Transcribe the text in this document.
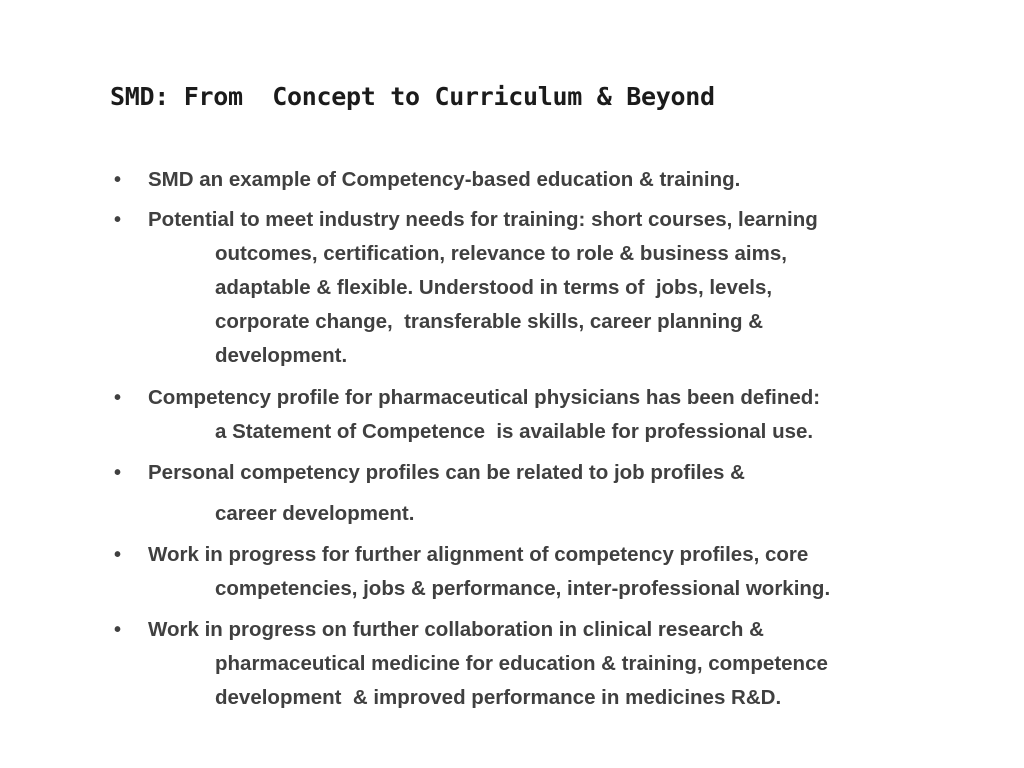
SMD: From  Concept to Curriculum & Beyond
• SMD an example of Competency-based education & training.
• Potential to meet industry needs for training: short courses, learning
outcomes, certification, relevance to role & business aims,
adaptable & flexible. Understood in terms of  jobs, levels,
corporate change,  transferable skills, career planning &
development.
• Competency profile for pharmaceutical physicians has been defined:
a Statement of Competence  is available for professional use.
• Personal competency profiles can be related to job profiles &
career development.
• Work in progress for further alignment of competency profiles, core
competencies, jobs & performance, inter-professional working.
• Work in progress on further collaboration in clinical research &
pharmaceutical medicine for education & training, competence
development  & improved performance in medicines R&D.
